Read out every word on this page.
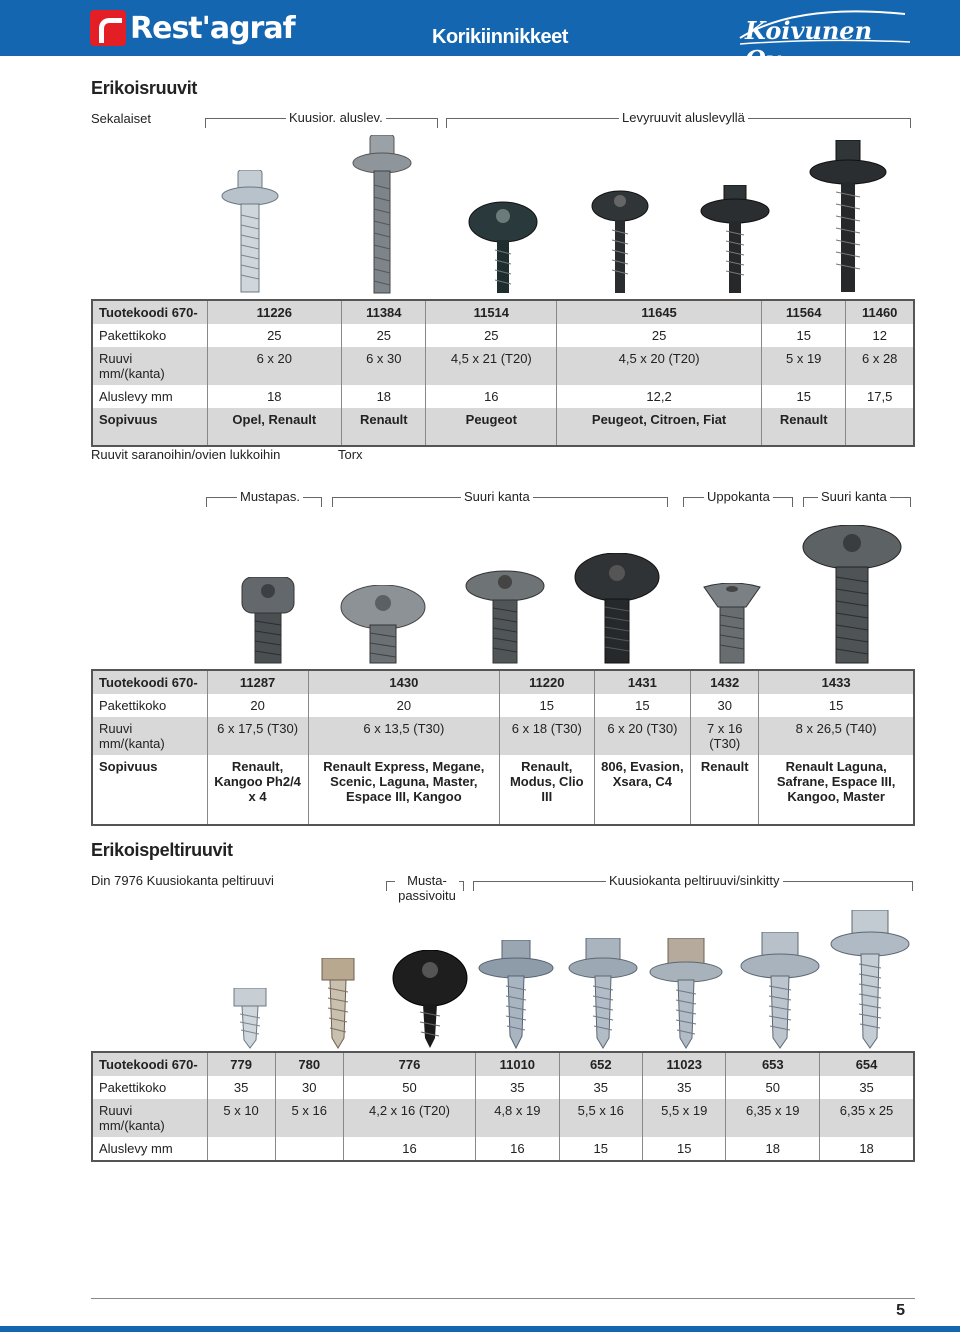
Rest'agraf	Korikiinnikkeet	Koivunen Oy
Erikoisruuvit
Sekalaiset	Kuusior. aluslev.	Levyruuvit aluslevyllä
Tuotekoodi 670-	11226	11384	11514	11645	11564	11460
Pakettikoko	25	25	25	25	15	12
Ruuvi mm/(kanta)	6 x 20	6 x 30	4,5 x 21 (T20)	4,5 x 20 (T20)	5 x 19	6 x 28
Aluslevy mm	18	18	16	12,2	15	17,5
Sopivuus	Opel, Renault	Renault	Peugeot	Peugeot, Citroen, Fiat	Renault	
Ruuvit saranoihin/ovien lukkoihin	Torx
Mustapas.	Suuri kanta	Uppokanta	Suuri kanta
Tuotekoodi 670-	11287	1430	11220	1431	1432	1433
Pakettikoko	20	20	15	15	30	15
Ruuvi mm/(kanta)	6 x 17,5 (T30)	6 x 13,5 (T30)	6 x 18 (T30)	6 x 20 (T30)	7 x 16 (T30)	8 x 26,5 (T40)
Sopivuus	Renault, Kangoo Ph2/4 x 4	Renault Express, Megane, Scenic, Laguna, Master, Espace III, Kangoo	Renault, Modus, Clio III	806, Evasion, Xsara, C4	Renault	Renault Laguna, Safrane, Espace III, Kangoo, Master
Erikoispeltiruuvit
Din 7976 Kuusiokanta peltiruuvi	Musta-passivoitu
Kuusiokanta peltiruuvi/sinkitty
Tuotekoodi 670-	779	780	776	11010	652	11023	653	654
Pakettikoko	35	30	50	35	35	35	50	35
Ruuvi mm/(kanta)	5 x 10	5 x 16	4,2 x 16 (T20)	4,8 x 19	5,5 x 16	5,5 x 19	6,35 x 19	6,35 x 25
Aluslevy mm			16	16	15	15	18	18
5
